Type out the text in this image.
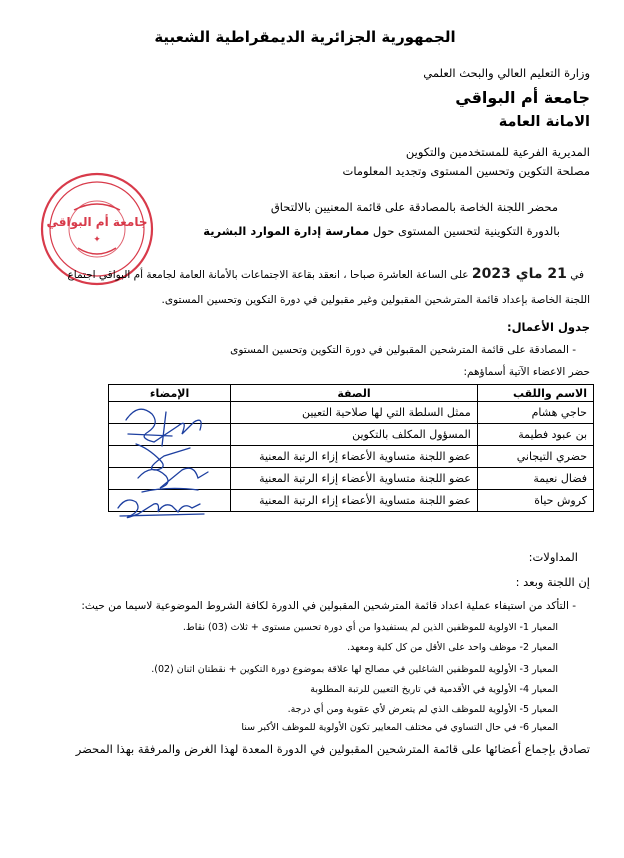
الجمهورية الجزائرية الديمقراطية الشعبية
وزارة التعليم العالي والبحث العلمي
جامعة أم البواقي
الامانة العامة
المديرية الفرعية للمستخدمين والتكوين
مصلحة التكوين وتحسين المستوى وتجديد المعلومات
محضر اللجنة الخاصة بالمصادقة على قائمة المعنيين بالالتحاق
بالدورة التكوينية لتحسين المستوى حول ممارسة إدارة الموارد البشرية
جامعة أم البواقي
✦
في 21 ماي 2023 على الساعة العاشرة صباحا ، انعقد بقاعة الاجتماعات بالأمانة العامة لجامعة أم البواقي اجتماع
اللجنة الخاصة بإعداد قائمة المترشحين المقبولين وغير مقبولين في دورة التكوين وتحسين المستوى.
جدول الأعمال:
- المصادقة على قائمة المترشحين المقبولين في دورة التكوين وتحسين المستوى
حضر الاعضاء الآتية أسماؤهم:
الاسم واللقب	الصفة	الإمضاء
حاجي هشام	ممثل السلطة التي لها صلاحية التعيين	
بن عبود فطيمة	المسؤول المكلف بالتكوين	
حضري التيجاني	عضو اللجنة متساوية الأعضاء إزاء الرتبة المعنية	
فضال نعيمة	عضو اللجنة متساوية الأعضاء إزاء الرتبة المعنية	
كروش حياة	عضو اللجنة متساوية الأعضاء إزاء الرتبة المعنية	
المداولات:
إن اللجنة وبعد :
- التأكد من استيفاء عملية اعداد قائمة المترشحين المقبولين في الدورة لكافة الشروط الموضوعية لاسيما من حيث:
المعيار 1- الاولوية للموظفين الذين لم يستفيدوا من أي دورة تحسين مستوى + ثلاث (03) نقاط.
المعيار 2- موظف واحد على الأقل من كل كلية ومعهد.
المعيار 3- الأولوية للموظفين الشاغلين في مصالح لها علاقة بموضوع دورة التكوين + نقطتان اثنان (02).
المعيار 4- الأولوية في الأقدمية في تاريخ التعيين للرتبة المطلوبة
المعيار 5- الأولوية للموظف الذي لم يتعرض لأي عقوبة ومن أي درجة.
المعيار 6- في حال التساوي في مختلف المعايير تكون الأولوية للموظف الأكبر سنا
تصادق بإجماع أعضائها على قائمة المترشحين المقبولين في الدورة المعدة لهذا الغرض والمرفقة بهذا المحضر
